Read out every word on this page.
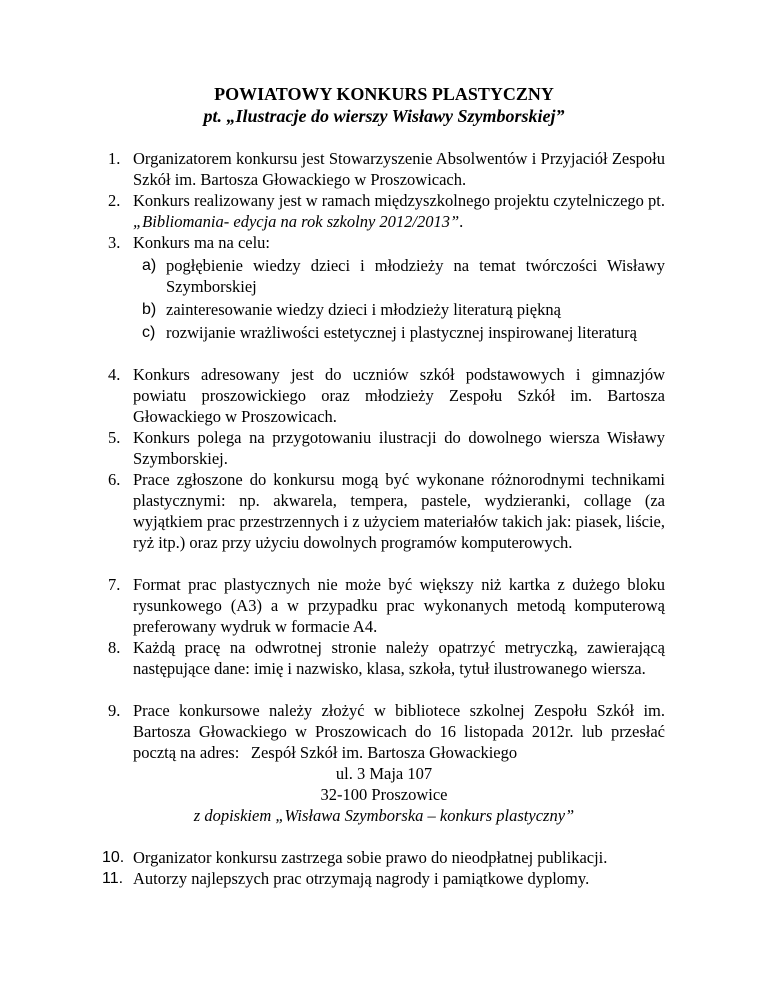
POWIATOWY KONKURS PLASTYCZNY
pt. „Ilustracje do wierszy Wisławy Szymborskiej”
1. Organizatorem konkursu jest Stowarzyszenie Absolwentów i Przyjaciół Zespołu Szkół im. Bartosza Głowackiego w Proszowicach.
2. Konkurs realizowany jest w ramach międzyszkolnego projektu czytelniczego pt. „Bibliomania- edycja na rok szkolny 2012/2013”.
3. Konkurs ma na celu:
a) pogłębienie wiedzy dzieci i młodzieży na temat twórczości Wisławy Szymborskiej
b) zainteresowanie wiedzy dzieci i młodzieży literaturą piękną
c) rozwijanie wrażliwości estetycznej i plastycznej inspirowanej literaturą
4. Konkurs adresowany jest do uczniów szkół podstawowych i gimnazjów powiatu proszowickiego oraz młodzieży Zespołu Szkół im. Bartosza Głowackiego w Proszowicach.
5. Konkurs polega na przygotowaniu ilustracji do dowolnego wiersza Wisławy Szymborskiej.
6. Prace zgłoszone do konkursu mogą być wykonane różnorodnymi technikami plastycznymi: np. akwarela, tempera, pastele, wydzieranki, collage (za wyjątkiem prac przestrzennych i z użyciem materiałów takich jak: piasek, liście, ryż itp.) oraz przy użyciu dowolnych programów komputerowych.
7. Format prac plastycznych nie może być większy niż kartka z dużego bloku rysunkowego (A3) a w przypadku prac wykonanych metodą komputerową preferowany wydruk w formacie A4.
8. Każdą pracę na odwrotnej stronie należy opatrzyć metryczką, zawierającą następujące dane: imię i nazwisko, klasa, szkoła, tytuł ilustrowanego wiersza.
9. Prace konkursowe należy złożyć w bibliotece szkolnej Zespołu Szkół im. Bartosza Głowackiego w Proszowicach do 16 listopada 2012r. lub przesłać pocztą na adres: Zespół Szkół im. Bartosza Głowackiego
ul. 3 Maja 107
32-100 Proszowice
z dopiskiem „Wisława Szymborska – konkurs plastyczny”
10. Organizator konkursu zastrzega sobie prawo do nieodpłatnej publikacji.
11. Autorzy najlepszych prac otrzymają nagrody i pamiątkowe dyplomy.
